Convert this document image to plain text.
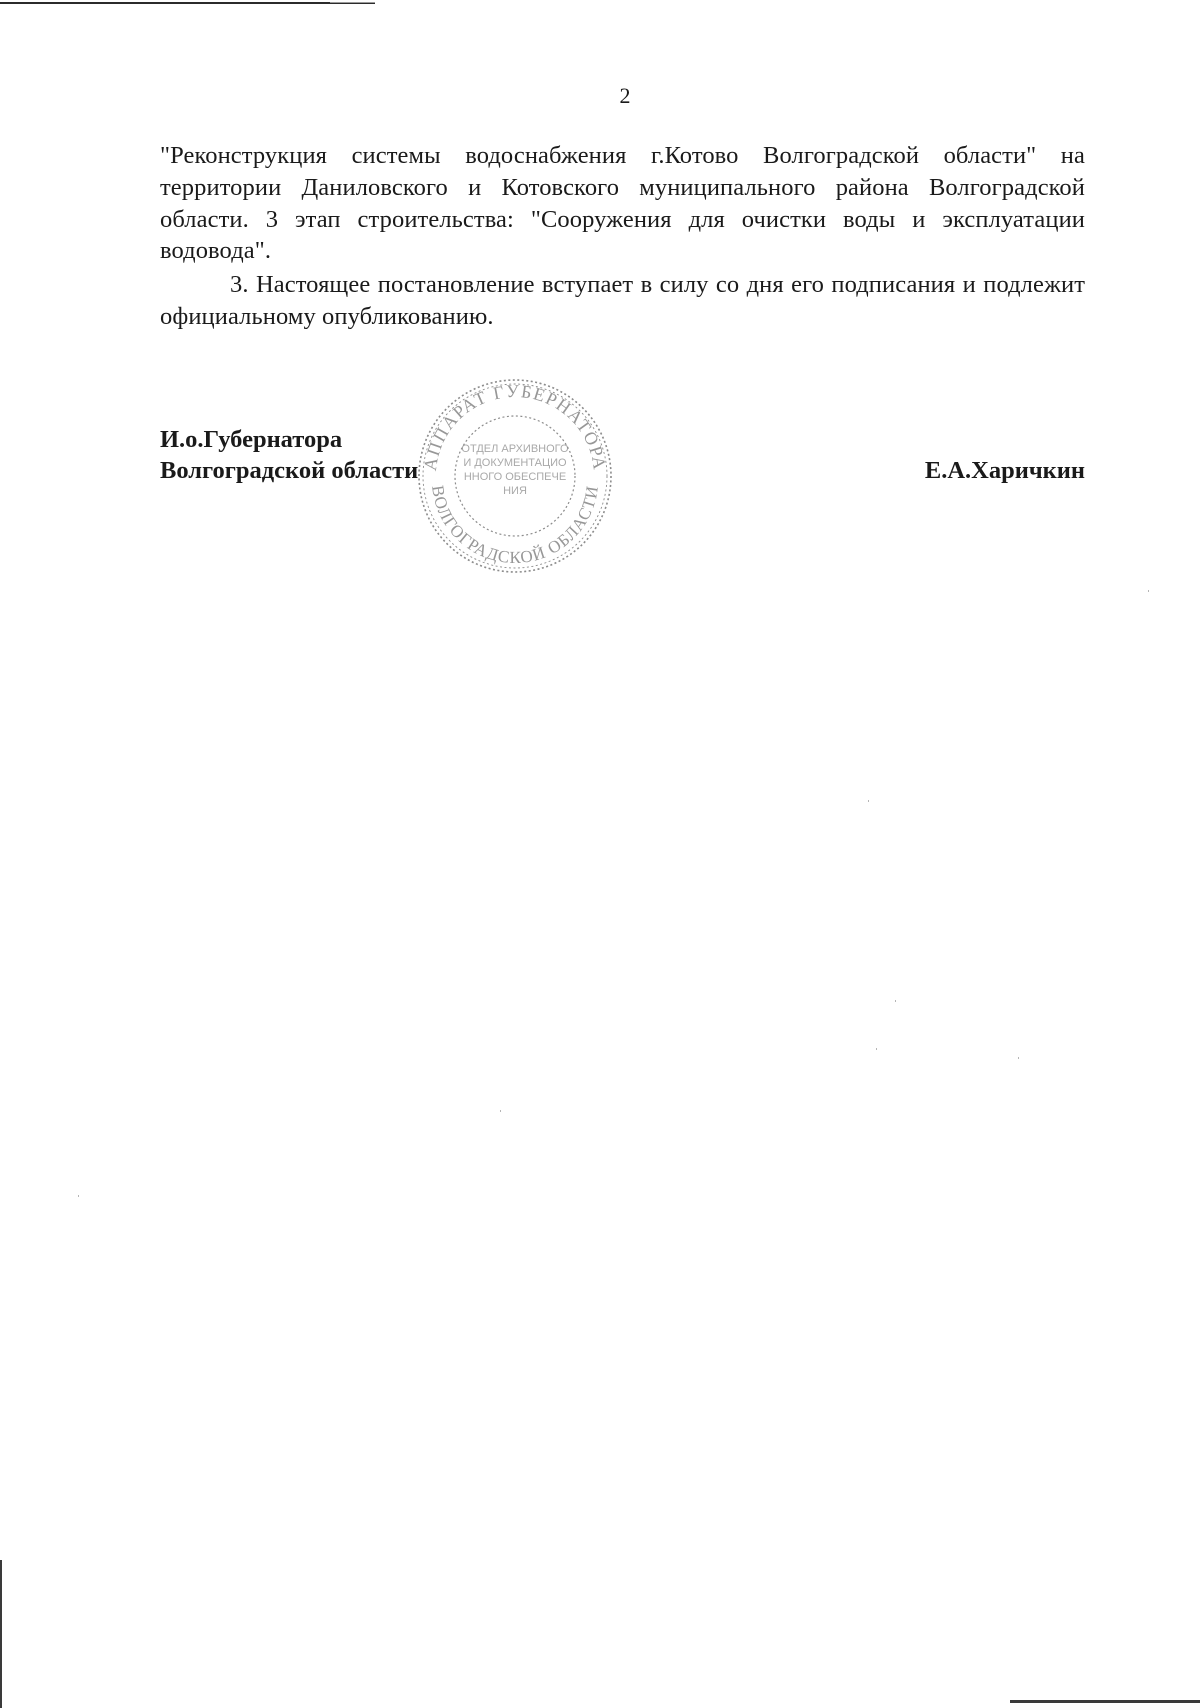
2

"Реконструкция системы водоснабжения г.Котово Волгоградской области" на территории Даниловского и Котовского муниципального района Волгоградской области. 3 этап строительства: "Сооружения для очистки воды и эксплуатации водовода".

3. Настоящее постановление вступает в силу со дня его подписания и подлежит официальному опубликованию.

И.о.Губернатора
Волгоградской области	Е.А.Харичкин
АППАРАТ ГУБЕРНАТОРА
ВОЛГОГРАДСКОЙ ОБЛАСТИ
ОТДЕЛ АРХИВНОГО И ДОКУМЕНТАЦИОННОГО ОБЕСПЕЧЕНИЯ
